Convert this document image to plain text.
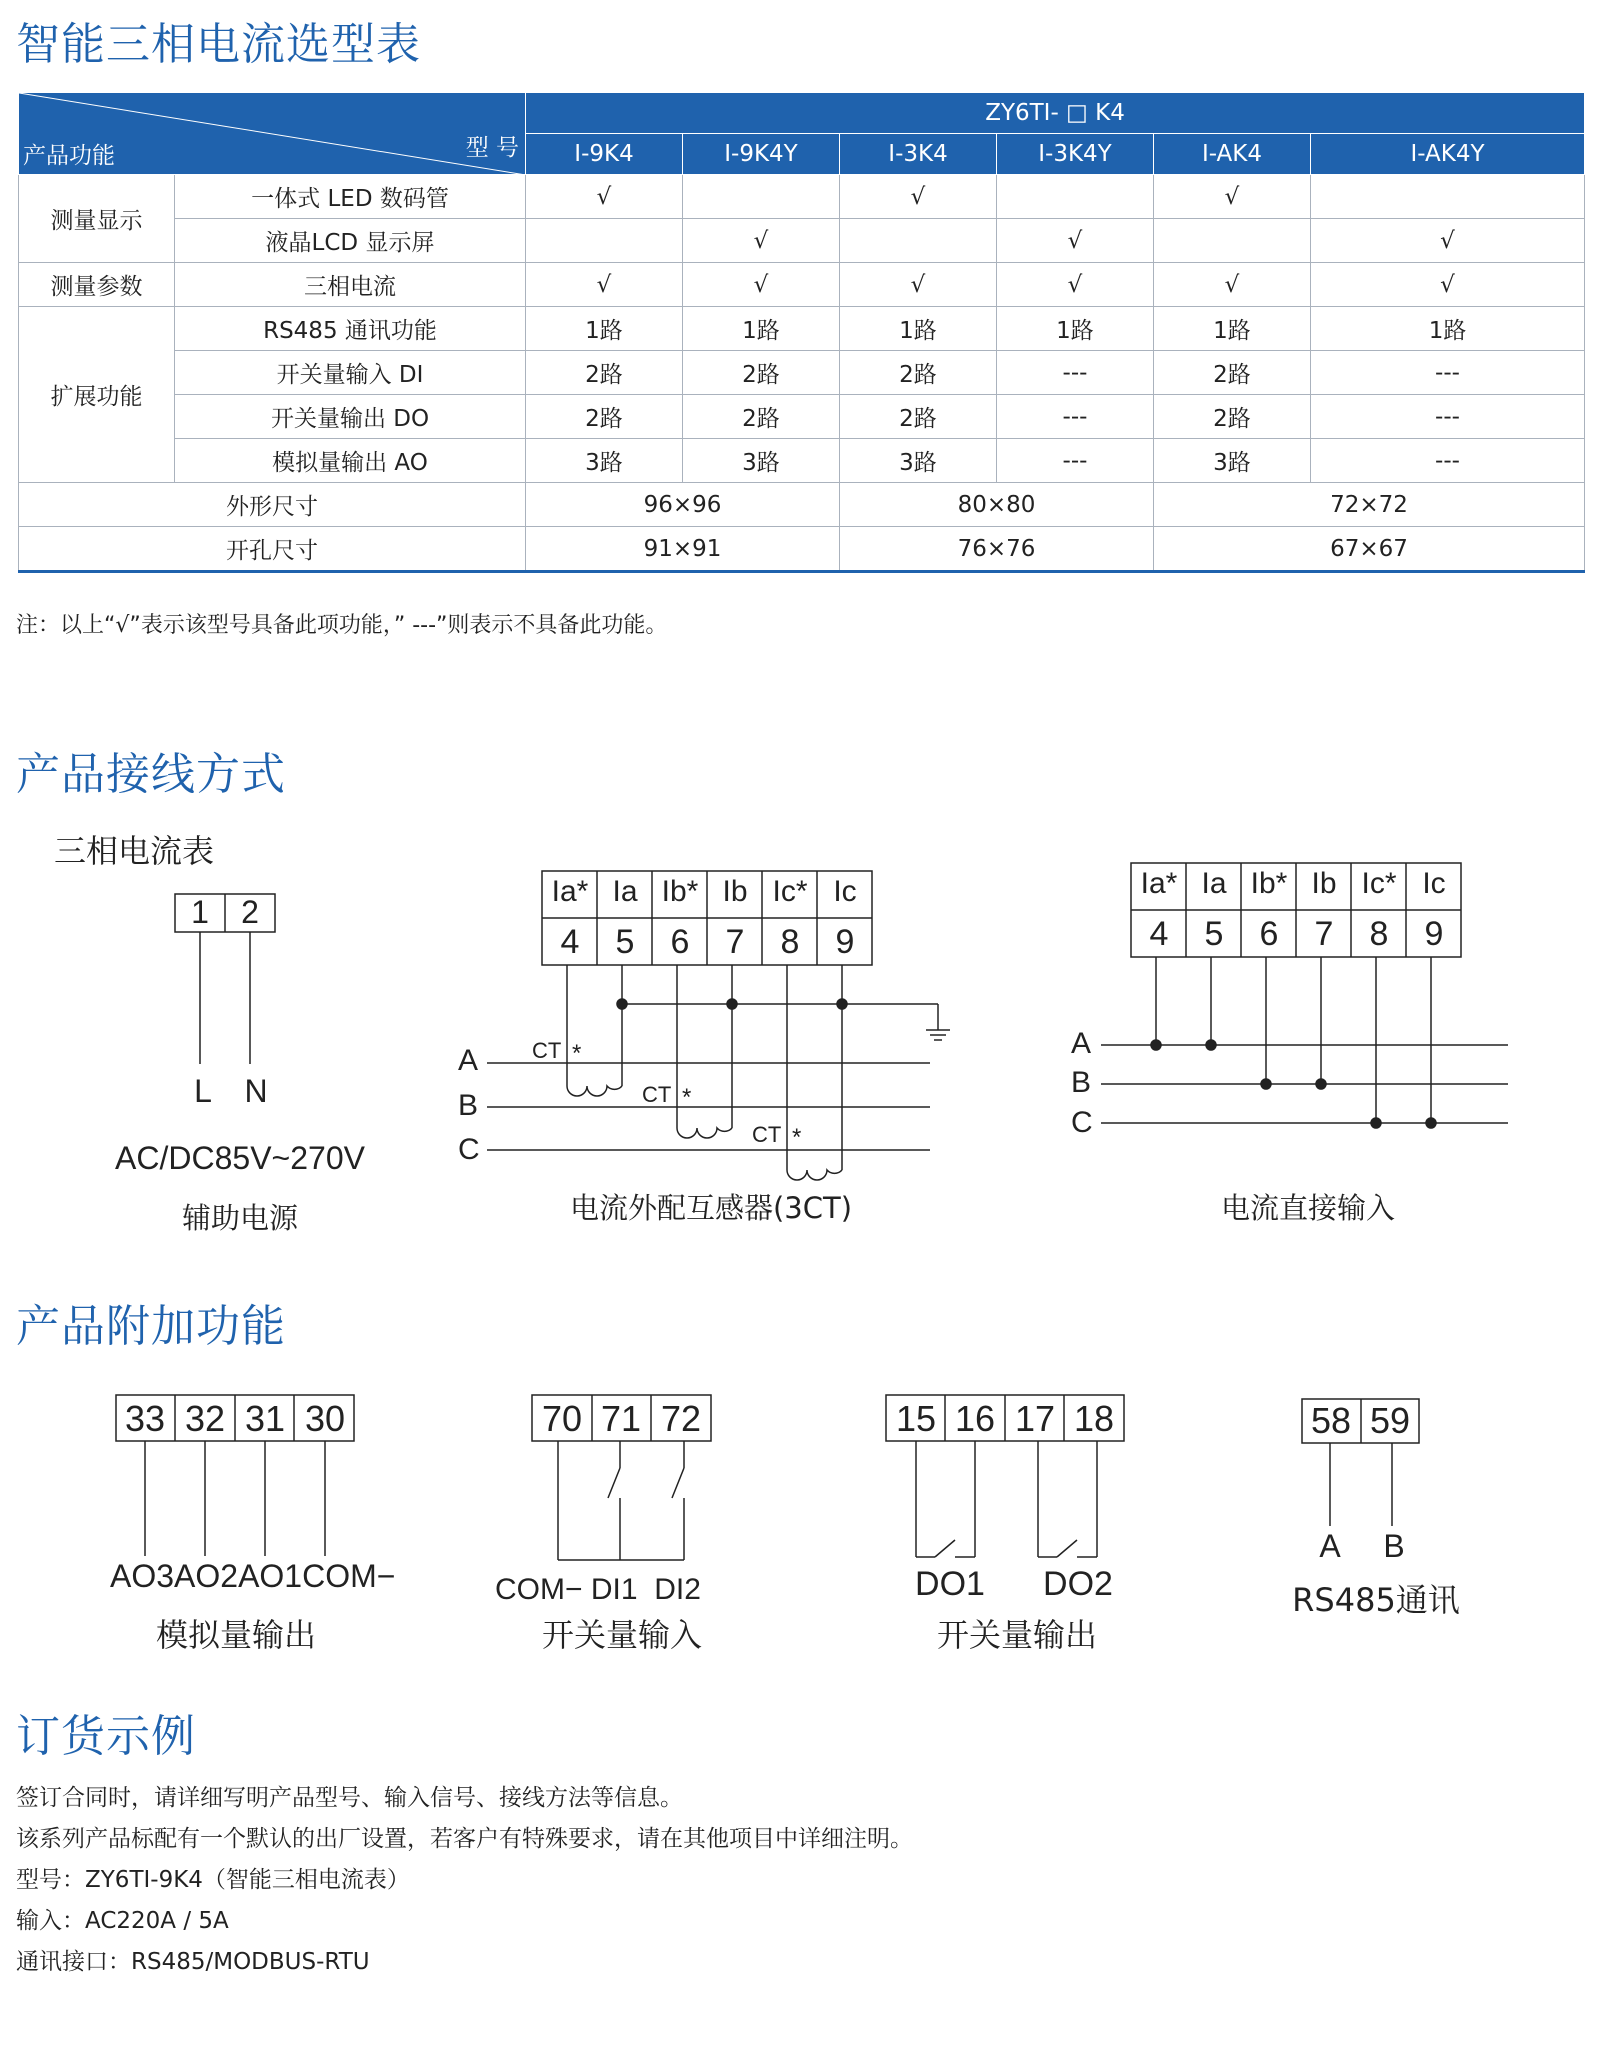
智能三相电流选型表
产品接线方式
产品附加功能
订货示例
型 号
产品功能		ZY6TI- □ K4					
		I-9K4	I-9K4Y	I-3K4	I-3K4Y	I-AK4	I-AK4Y
测量显示	一体式 LED 数码管	√		√		√	
	液晶LCD 显示屏		√		√		√
测量参数	三相电流	√	√	√	√	√	√
扩展功能	RS485 通讯功能	1路	1路	1路	1路	1路	1路
	开关量输入 DI	2路	2路	2路	---	2路	---
	开关量输出 DO	2路	2路	2路	---	2路	---
	模拟量输出 AO	3路	3路	3路	---	3路	---
外形尺寸		96×96		80×80		72×72	
开孔尺寸		91×91		76×76		67×67	
注：以上“√”表示该型号具备此项功能，” ---”则表示不具备此功能。
三相电流表
1 2
L N
AC/DC85V~270V
辅助电源
Ia* Ia Ib* Ib Ic* Ic
4 5 6 7 8 9
A
B
C
CT *
CT *
CT *
电流外配互感器(3CT)
Ia* Ia Ib* Ib Ic* Ic
4 5 6 7 8 9
A
B
C
电流直接输入
33 32 31 30
AO3AO2AO1COM−
模拟量输出
70 71 72
COM− DI1  DI2
开关量输入
15 16 17 18
DO1 DO2
开关量输出
58 59
A B
RS485通讯
签订合同时，请详细写明产品型号、输入信号、接线方法等信息。
该系列产品标配有一个默认的出厂设置，若客户有特殊要求，请在其他项目中详细注明。
型号：ZY6TI-9K4（智能三相电流表）
输入：AC220A / 5A
通讯接口：RS485/MODBUS-RTU
